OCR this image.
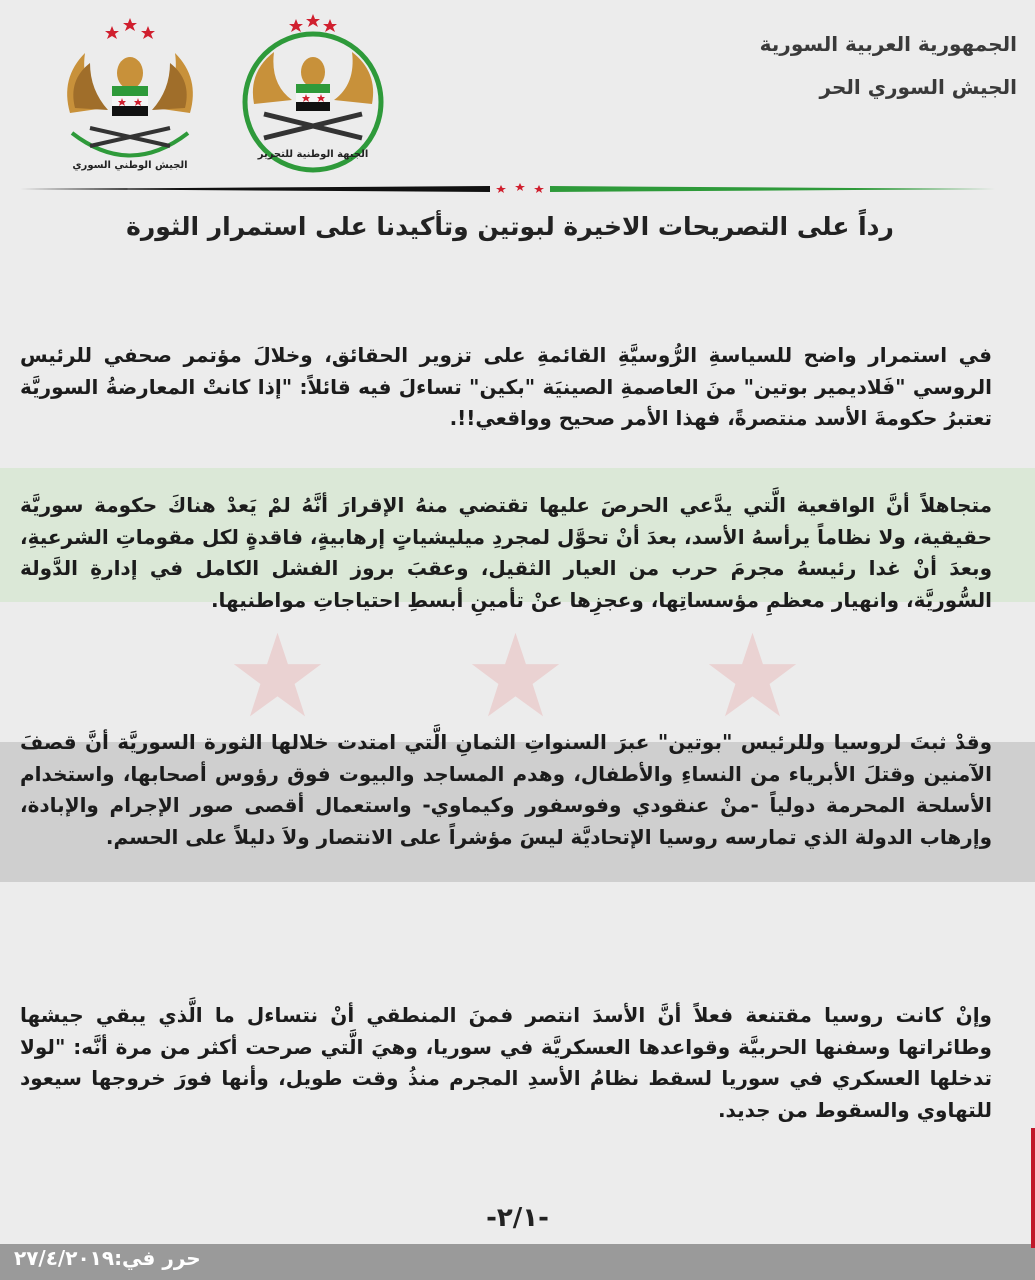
الجيش الوطني السوري
الجبهة الوطنية للتحرير
الجمهورية العربية السورية
الجيش السوري الحر
رداً على التصريحات الاخيرة لبوتين وتأكيدنا على استمرار الثورة
في استمرار واضح للسياسةِ الرُّوسيَّةِ القائمةِ على تزوير الحقائق، وخلالَ مؤتمر صحفي للرئيس الروسي "فَلاديمير بوتين" منَ العاصمةِ الصينيَة "بكين" تساءلَ فيه قائلاً: "إذا كانتْ المعارضةُ السوريَّة تعتبرُ حكومةَ الأسد منتصرةً، فهذا الأمر صحيح وواقعي!!.
متجاهلاً أنَّ الواقعية الَّتي يدَّعي الحرصَ عليها تقتضي منهُ الإقرارَ أنَّهُ لمْ يَعدْ هناكَ حكومة سوريَّة حقيقية، ولا نظاماً يرأسهُ الأسد، بعدَ أنْ تحوَّل لمجردِ ميليشياتٍ إرهابيةٍ، فاقدةٍ لكل مقوماتِ الشرعيةِ، وبعدَ أنْ غدا رئيسهُ مجرمَ حرب من العيار الثقيل، وعقبَ بروز الفشل الكامل في إدارةِ الدَّولة السُّوريَّة، وانهيار معظمِ مؤسساتِها، وعجزِها عنْ تأمينِ أبسطِ احتياجاتِ مواطنيها.
وقدْ ثبتَ لروسيا وللرئيس "بوتين" عبرَ السنواتِ الثمانِ الَّتي امتدت خلالها الثورة السوريَّة أنَّ قصفَ الآمنين وقتلَ الأبرياء من النساءِ والأطفال، وهدم المساجد والبيوت فوق رؤوس أصحابها، واستخدام الأسلحة المحرمة دولياً -منْ عنقودي وفوسفور وكيماوي- واستعمال أقصى صور الإجرام والإبادة، وإرهاب الدولة الذي تمارسه روسيا الإتحاديَّة ليسَ مؤشراً على الانتصار ولاَ دليلاً على الحسم.
وإنْ كانت روسيا مقتنعة فعلاً أنَّ الأسدَ انتصر فمنَ المنطقي أنْ نتساءل ما الَّذي يبقي جيشها وطائراتها وسفنها الحربيَّة وقواعدها العسكريَّة في سوريا، وهيَ الَّتي صرحت أكثر من مرة أنَّه: "لولا تدخلها العسكري في سوريا لسقط نظامُ الأسدِ المجرم منذُ وقت طويل، وأنها فورَ خروجها سيعود للتهاوي والسقوط من جديد.
-٢/١-
حرر في:٢٧/٤/٢٠١٩
